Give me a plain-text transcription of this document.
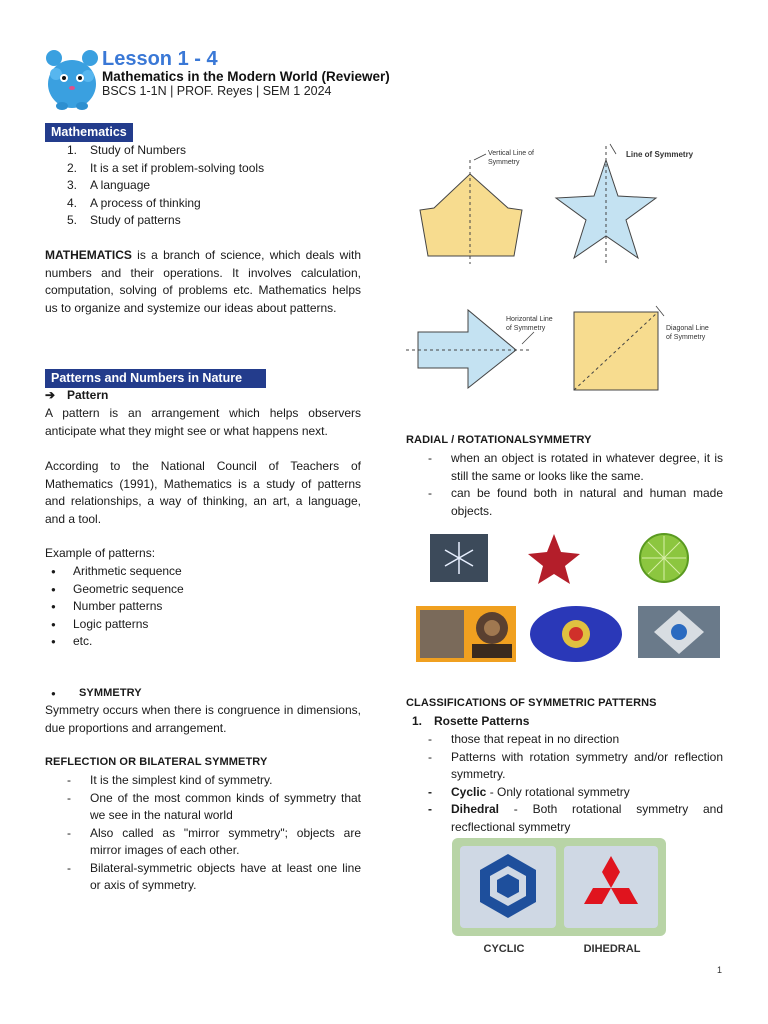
Lesson 1 - 4
Mathematics in the Modern World (Reviewer)
BSCS 1-1N | PROF. Reyes | SEM 1 2024
Mathematics
1. Study of Numbers
2. It is a set if problem-solving tools
3. A language
4. A process of thinking
5. Study of patterns

MATHEMATICS is a branch of science, which deals with numbers and their operations. It involves calculation, computation, solving of problems etc. Mathematics helps us to organize and systemize our ideas about patterns.

Patterns and Numbers in Nature
➔ Pattern

A pattern is an arrangement which helps observers anticipate what they might see or what happens next.

According to the National Council of Teachers of Mathematics (1991), Mathematics is a study of patterns and relationships, a way of thinking, an art, a language, and a tool.

Example of patterns:

● Arithmetic sequence
● Geometric sequence
● Number patterns
● Logic patterns
● etc.
● SYMMETRY

Symmetry occurs when there is congruence in dimensions, due proportions and arrangement.

REFLECTION OR BILATERAL SYMMETRY
- It is the simplest kind of symmetry.
- One of the most common kinds of symmetry that we see in the natural world
- Also called as "mirror symmetry"; objects are mirror images of each other.
- Bilateral-symmetric objects have at least one line or axis of symmetry.
Vertical Line of
Symmetry
Line of Symmetry
Horizontal Line
of Symmetry	Diagonal Line
of Symmetry
RADIAL / ROTATIONALSYMMETRY
- when an object is rotated in whatever degree, it is still the same or looks like the same.
- can be found both in natural and human made objects.
CLASSIFICATIONS OF SYMMETRIC PATTERNS
1. Rosette Patterns
- those that repeat in no direction
- Patterns with rotation symmetry and/or reflection symmetry.
- Cyclic - Only rotational symmetry
- Dihedral - Both rotational symmetry and recflectional symmetry
CYCLIC	DIHEDRAL
1
